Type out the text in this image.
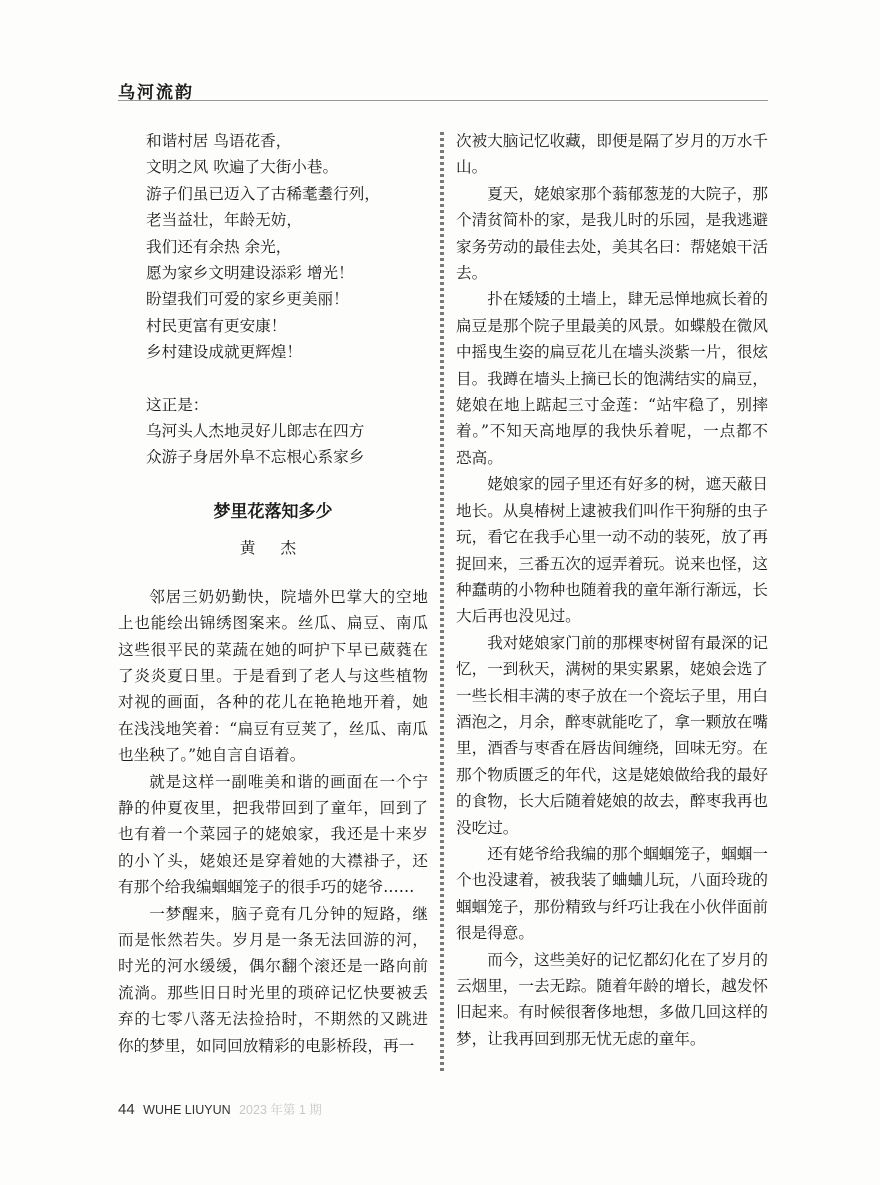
乌河流韵
和谐村居 鸟语花香，
文明之风 吹遍了大街小巷。
游子们虽已迈入了古稀耄耋行列，
老当益壮，年龄无妨，
我们还有余热 余光，
愿为家乡文明建设添彩 增光！
盼望我们可爱的家乡更美丽！
村民更富有更安康！
乡村建设成就更辉煌！
这正是：
乌河头人杰地灵好儿郎志在四方
众游子身居外阜不忘根心系家乡
梦里花落知多少
黄 杰

邻居三奶奶勤快，院墙外巴掌大的空地上也能绘出锦绣图案来。丝瓜、扁豆、南瓜这些很平民的菜蔬在她的呵护下早已葳蕤在了炎炎夏日里。于是看到了老人与这些植物对视的画面，各种的花儿在艳艳地开着，她在浅浅地笑着：“扁豆有豆荚了，丝瓜、南瓜也坐秧了。”她自言自语着。

就是这样一副唯美和谐的画面在一个宁静的仲夏夜里，把我带回到了童年，回到了也有着一个菜园子的姥娘家，我还是十来岁的小丫头，姥娘还是穿着她的大襟褂子，还有那个给我编蝈蝈笼子的很手巧的姥爷……

一梦醒来，脑子竟有几分钟的短路，继而是怅然若失。岁月是一条无法回游的河，时光的河水缓缓，偶尔翻个滚还是一路向前流淌。那些旧日时光里的琐碎记忆快要被丢弃的七零八落无法捡拾时，不期然的又跳进你的梦里，如同回放精彩的电影桥段，再一

次被大脑记忆收藏，即便是隔了岁月的万水千山。

夏天，姥娘家那个蓊郁葱茏的大院子，那个清贫简朴的家，是我儿时的乐园，是我逃避家务劳动的最佳去处，美其名曰：帮姥娘干活去。

扑在矮矮的土墙上，肆无忌惮地疯长着的扁豆是那个院子里最美的风景。如蝶般在微风中摇曳生姿的扁豆花儿在墙头淡紫一片，很炫目。我蹲在墙头上摘已长的饱满结实的扁豆，姥娘在地上踮起三寸金莲：“站牢稳了，别摔着。”不知天高地厚的我快乐着呢，一点都不恐高。

姥娘家的园子里还有好多的树，遮天蔽日地长。从臭椿树上逮被我们叫作干狗掰的虫子玩，看它在我手心里一动不动的装死，放了再捉回来，三番五次的逗弄着玩。说来也怪，这种蠢萌的小物种也随着我的童年渐行渐远，长大后再也没见过。

我对姥娘家门前的那棵枣树留有最深的记忆，一到秋天，满树的果实累累，姥娘会选了一些长相丰满的枣子放在一个瓷坛子里，用白酒泡之，月余，醉枣就能吃了，拿一颗放在嘴里，酒香与枣香在唇齿间缠绕，回味无穷。在那个物质匮乏的年代，这是姥娘做给我的最好的食物，长大后随着姥娘的故去，醉枣我再也没吃过。

还有姥爷给我编的那个蝈蝈笼子，蝈蝈一个也没逮着，被我装了蛐蛐儿玩，八面玲珑的蝈蝈笼子，那份精致与纤巧让我在小伙伴面前很是得意。

而今，这些美好的记忆都幻化在了岁月的云烟里，一去无踪。随着年龄的增长，越发怀旧起来。有时候很奢侈地想，多做几回这样的梦，让我再回到那无忧无虑的童年。

44 WUHE LIUYUN 2023 年第 1 期
